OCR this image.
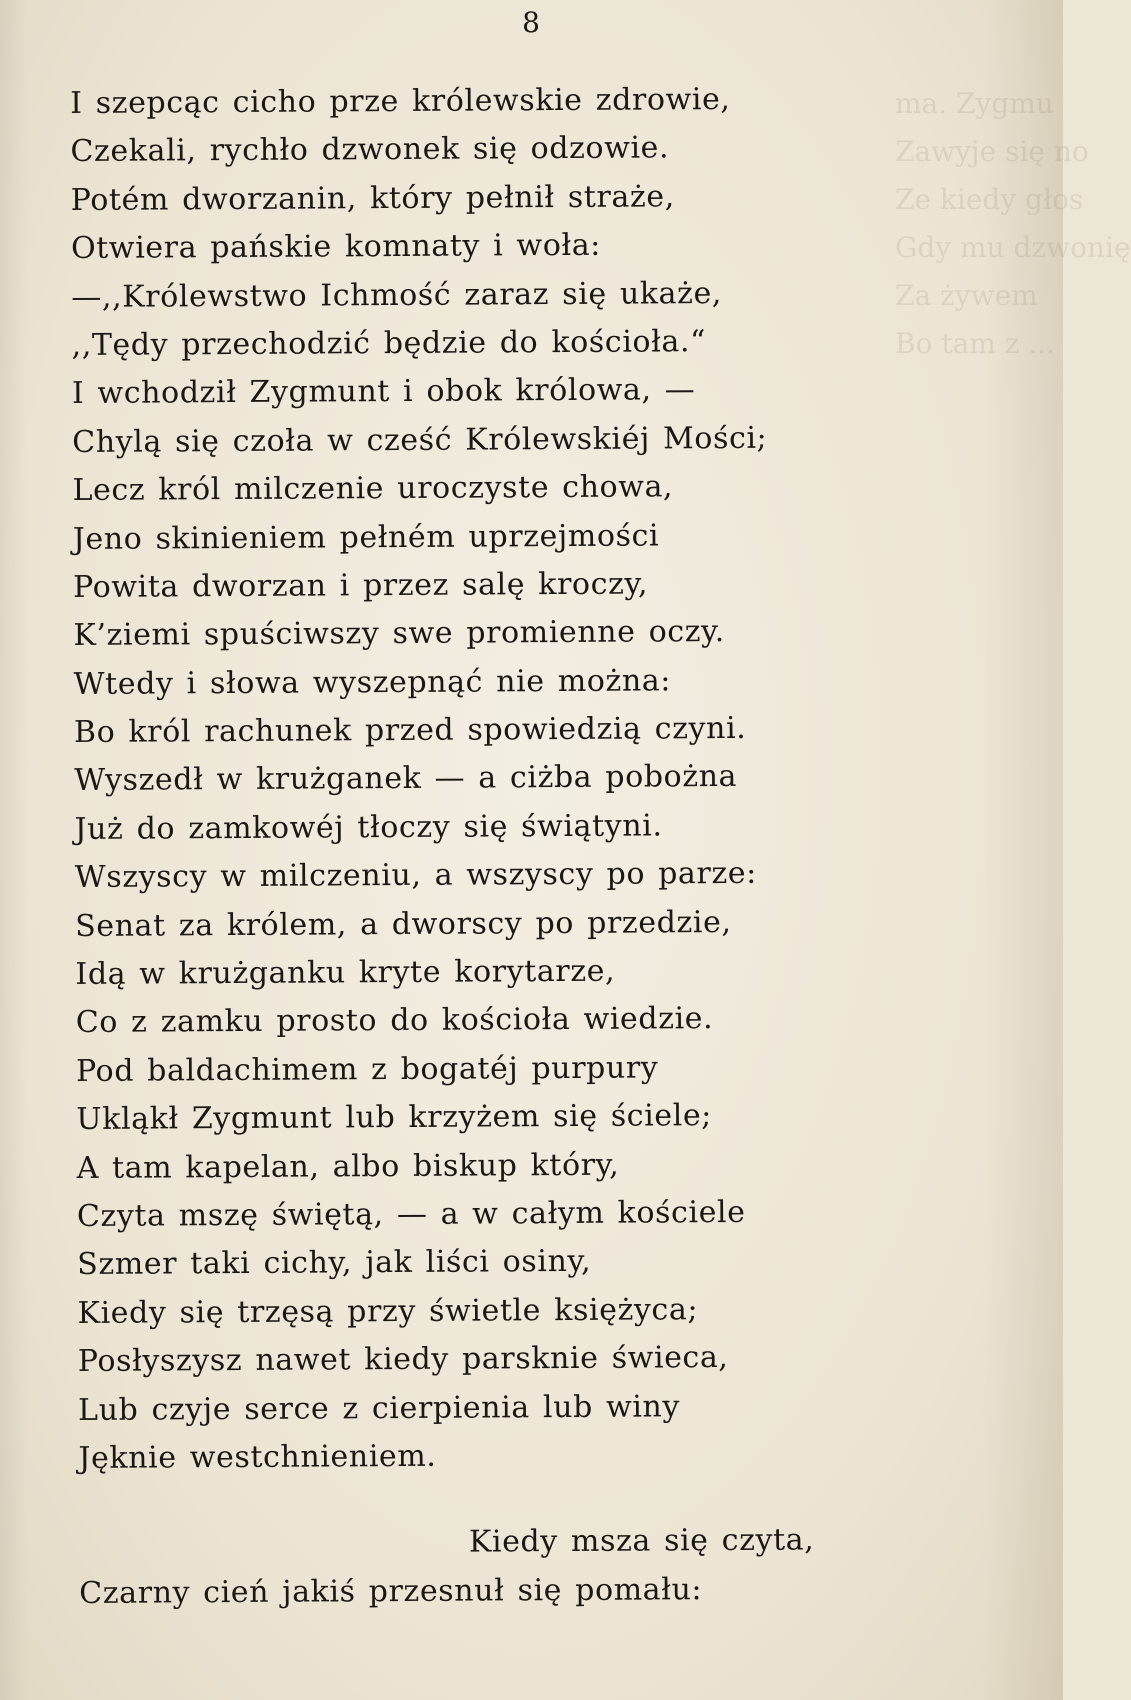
ma. Zygmu
Zawyje się no
Ze kiedy głos
Gdy mu dzwonię
Za żywem
Bo tam z ...
8
I szepcąc cicho prze królewskie zdrowie,
Czekali, rychło dzwonek się odzowie.
Potém dworzanin, który pełnił straże,
Otwiera pańskie komnaty i woła:
—,,Królewstwo Ichmość zaraz się ukaże,
,,Tędy przechodzić będzie do kościoła.“
I wchodził Zygmunt i obok królowa, —
Chylą się czoła w cześć Królewskiéj Mości;
Lecz król milczenie uroczyste chowa,
Jeno skinieniem pełném uprzejmości
Powita dworzan i przez salę kroczy,
K’ziemi spuściwszy swe promienne oczy.
Wtedy i słowa wyszepnąć nie można:
Bo król rachunek przed spowiedzią czyni.
Wyszedł w krużganek — a ciżba pobożna
Już do zamkowéj tłoczy się świątyni.
Wszyscy w milczeniu, a wszyscy po parze:
Senat za królem, a dworscy po przedzie,
Idą w krużganku kryte korytarze,
Co z zamku prosto do kościoła wiedzie.
Pod baldachimem z bogatéj purpury
Ukląkł Zygmunt lub krzyżem się ściele;
A tam kapelan, albo biskup który,
Czyta mszę świętą, — a w całym kościele
Szmer taki cichy, jak liści osiny,
Kiedy się trzęsą przy świetle księżyca;
Posłyszysz nawet kiedy parsknie świeca,
Lub czyje serce z cierpienia lub winy
Jęknie westchnieniem.
Kiedy msza się czyta,
Czarny cień jakiś przesnuł się pomału:
